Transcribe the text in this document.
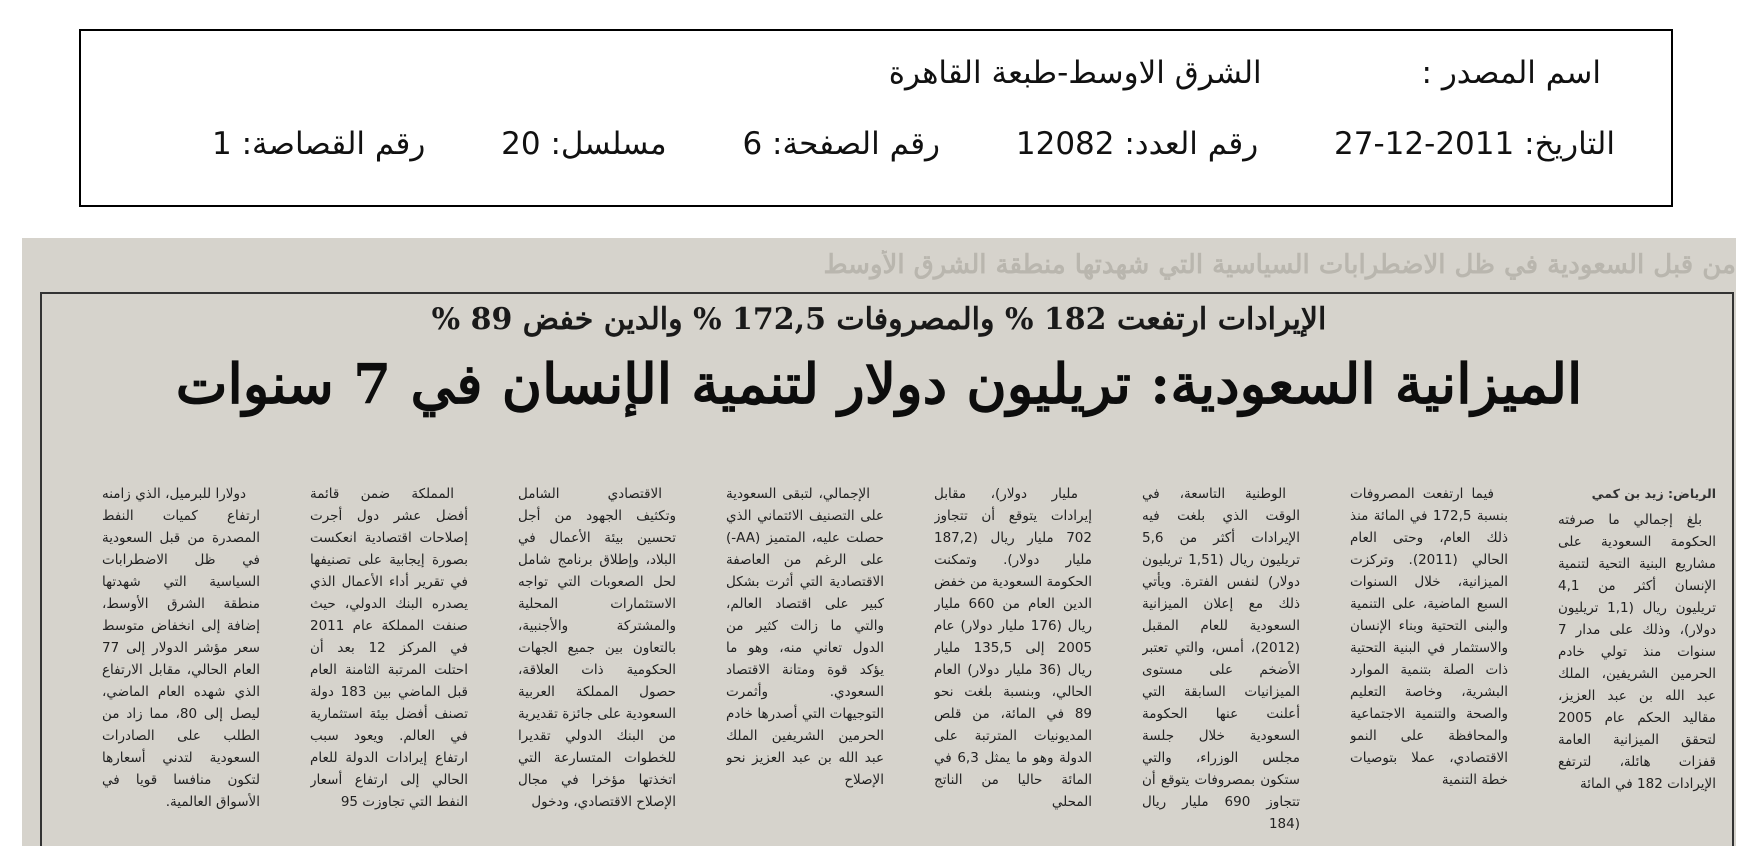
اسم المصدر : الشرق الاوسط-طبعة القاهرة
التاريخ: 2011-12-27 رقم العدد: 12082 رقم الصفحة: 6 مسلسل: 20 رقم القصاصة: 1
من قبل السعودية في ظل الاضطرابات السياسية التي شهدتها منطقة الشرق الأوسط
الإيرادات ارتفعت 182 % والمصروفات 172,5 % والدين خفض 89 %
الميزانية السعودية: تريليون دولار لتنمية الإنسان في 7 سنوات
الرياض: زيد بن كمي
بلغ إجمالي ما صرفته الحكومة السعودية على مشاريع البنية التحية لتنمية الإنسان أكثر من 4,1 تريليون ريال (1,1 تريليون دولار)، وذلك على مدار 7 سنوات منذ تولي خادم الحرمين الشريفين، الملك عبد الله بن عبد العزيز، مقاليد الحكم عام 2005 لتحقق الميزانية العامة قفزات هائلة، لترتفع الإيرادات 182 في المائة
فيما ارتفعت المصروفات بنسبة 172,5 في المائة منذ ذلك العام، وحتى العام الحالي (2011). وتركزت الميزانية، خلال السنوات السبع الماضية، على التنمية والبنى التحتية وبناء الإنسان والاستثمار في البنية التحتية ذات الصلة بتنمية الموارد البشرية، وخاصة التعليم والصحة والتنمية الاجتماعية والمحافظة على النمو الاقتصادي، عملا بتوصيات خطة التنمية
الوطنية التاسعة، في الوقت الذي بلغت فيه الإيرادات أكثر من 5,6 تريليون ريال (1,51 تريليون دولار) لنفس الفترة. ويأتي ذلك مع إعلان الميزانية السعودية للعام المقبل (2012)، أمس، والتي تعتبر الأضخم على مستوى الميزانيات السابقة التي أعلنت عنها الحكومة السعودية خلال جلسة مجلس الوزراء، والتي ستكون بمصروفات يتوقع أن تتجاوز 690 مليار ريال (184
مليار دولار)، مقابل إيرادات يتوقع أن تتجاوز 702 مليار ريال (187,2 مليار دولار). وتمكنت الحكومة السعودية من خفض الدين العام من 660 مليار ريال (176 مليار دولار) عام 2005 إلى 135,5 مليار ريال (36 مليار دولار) العام الحالي، وبنسبة بلغت نحو 89 في المائة، من قلص المديونيات المترتبة على الدولة وهو ما يمثل 6,3 في المائة حاليا من الناتج المحلي
الإجمالي، لتبقى السعودية على التصنيف الائتماني الذي حصلت عليه، المتميز (AA-) على الرغم من العاصفة الاقتصادية التي أثرت بشكل كبير على اقتصاد العالم، والتي ما زالت كثير من الدول تعاني منه، وهو ما يؤكد قوة ومتانة الاقتصاد السعودي. وأثمرت التوجيهات التي أصدرها خادم الحرمين الشريفين الملك عبد الله بن عبد العزيز نحو الإصلاح
الاقتصادي الشامل وتكثيف الجهود من أجل تحسين بيئة الأعمال في البلاد، وإطلاق برنامج شامل لحل الصعوبات التي تواجه الاستثمارات المحلية والمشتركة والأجنبية، بالتعاون بين جميع الجهات الحكومية ذات العلاقة، حصول المملكة العربية السعودية على جائزة تقديرية من البنك الدولي تقديرا للخطوات المتسارعة التي اتخذتها مؤخرا في مجال الإصلاح الاقتصادي، ودخول
المملكة ضمن قائمة أفضل عشر دول أجرت إصلاحات اقتصادية انعكست بصورة إيجابية على تصنيفها في تقرير أداء الأعمال الذي يصدره البنك الدولي، حيث صنفت المملكة عام 2011 في المركز 12 بعد أن احتلت المرتبة الثامنة العام قبل الماضي بين 183 دولة تصنف أفضل بيئة استثمارية في العالم. ويعود سبب ارتفاع إيرادات الدولة للعام الحالي إلى ارتفاع أسعار النفط التي تجاوزت 95
دولارا للبرميل، الذي زامنه ارتفاع كميات النفط المصدرة من قبل السعودية في ظل الاضطرابات السياسية التي شهدتها منطقة الشرق الأوسط، إضافة إلى انخفاض متوسط سعر مؤشر الدولار إلى 77 العام الحالي، مقابل الارتفاع الذي شهده العام الماضي، ليصل إلى 80، مما زاد من الطلب على الصادرات السعودية لتدني أسعارها لتكون منافسا قويا في الأسواق العالمية.
